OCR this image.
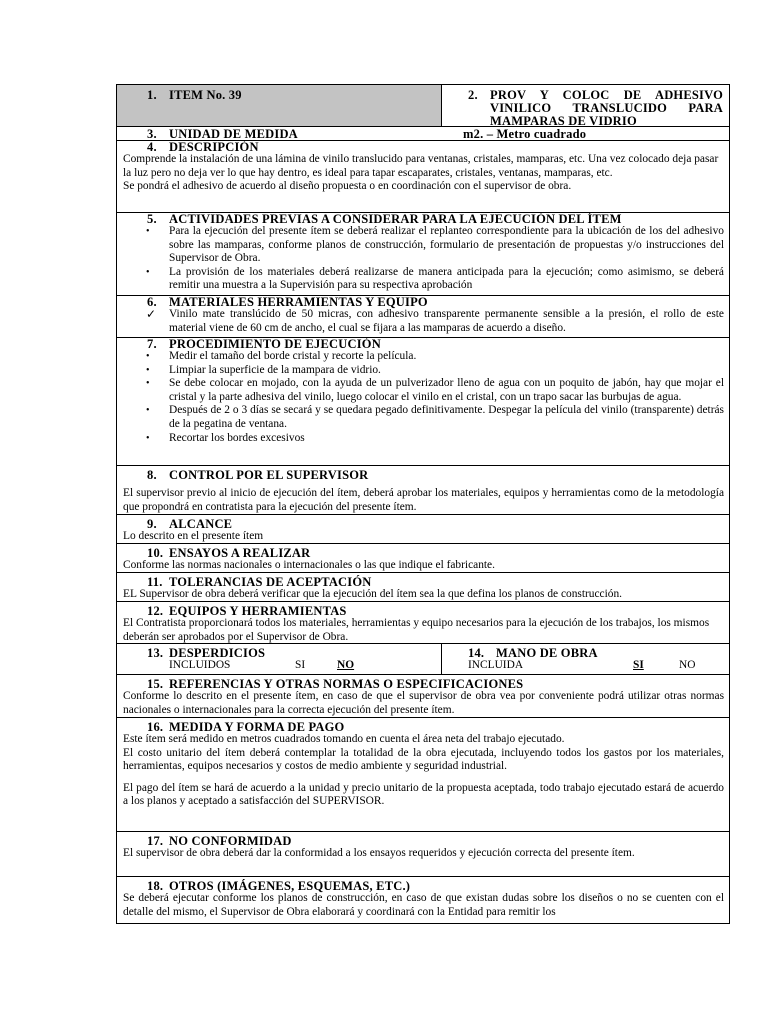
1. ITEM No. 39	2. PROV Y COLOC DE ADHESIVO VINILICO TRANSLUCIDO PARA MAMPARAS DE VIDRIO
3. UNIDAD DE MEDIDA	m2. – Metro cuadrado
4. DESCRIPCIÓN
Comprende la instalación de una lámina de vinilo translucido para ventanas, cristales, mamparas, etc. Una vez colocado deja pasar la luz pero no deja ver lo que hay dentro, es ideal para tapar escaparates, cristales, ventanas, mamparas, etc.
Se pondrá el adhesivo de acuerdo al diseño propuesta o en coordinación con el supervisor de obra.
5. ACTIVIDADES PREVIAS A CONSIDERAR PARA LA EJECUCIÓN DEL ÍTEM
• Para la ejecución del presente ítem se deberá realizar el replanteo correspondiente para la ubicación de los del adhesivo sobre las mamparas, conforme planos de construcción, formulario de presentación de propuestas y/o instrucciones del Supervisor de Obra.
• La provisión de los materiales deberá realizarse de manera anticipada para la ejecución; como asimismo, se deberá remitir una muestra a la Supervisión para su respectiva aprobación
6. MATERIALES HERRAMIENTAS Y EQUIPO
✓ Vinilo mate translúcido de 50 micras, con adhesivo transparente permanente sensible a la presión, el rollo de este material viene de 60 cm de ancho, el cual se fijara a las mamparas de acuerdo a diseño.
7. PROCEDIMIENTO DE EJECUCIÓN
• Medir el tamaño del borde cristal y recorte la película.
• Limpiar la superficie de la mampara de vidrio.
• Se debe colocar en mojado, con la ayuda de un pulverizador lleno de agua con un poquito de jabón, hay que mojar el cristal y la parte adhesiva del vinilo, luego colocar el vinilo en el cristal, con un trapo sacar las burbujas de agua.
• Después de 2 o 3 días se secará y se quedara pegado definitivamente. Despegar la película del vinilo (transparente) detrás de la pegatina de ventana.
• Recortar los bordes excesivos
8. CONTROL POR EL SUPERVISOR
El supervisor previo al inicio de ejecución del ítem, deberá aprobar los materiales, equipos y herramientas como de la metodología que propondrá en contratista para la ejecución del presente ítem.
9. ALCANCE
Lo descrito en el presente ítem
10. ENSAYOS A REALIZAR
Conforme las normas nacionales o internacionales o las que indique el fabricante.
11. TOLERANCIAS DE ACEPTACIÓN
EL Supervisor de obra deberá verificar que la ejecución del ítem sea la que defina los planos de construcción.
12. EQUIPOS Y HERRAMIENTAS
El Contratista proporcionará todos los materiales, herramientas y equipo necesarios para la ejecución de los trabajos, los mismos deberán ser aprobados por el Supervisor de Obra.
13. DESPERDICIOS
INCLUIDOS	SI	NO
14. MANO DE OBRA
INCLUIDA	SI	NO
15. REFERENCIAS Y OTRAS NORMAS O ESPECIFICACIONES
Conforme lo descrito en el presente ítem, en caso de que el supervisor de obra vea por conveniente podrá utilizar otras normas nacionales o internacionales para la correcta ejecución del presente ítem.
16. MEDIDA Y FORMA DE PAGO
Este ítem será medido en metros cuadrados tomando en cuenta el área neta del trabajo ejecutado.
El costo unitario del ítem deberá contemplar la totalidad de la obra ejecutada, incluyendo todos los gastos por los materiales, herramientas, equipos necesarios y costos de medio ambiente y seguridad industrial.
El pago del ítem se hará de acuerdo a la unidad y precio unitario de la propuesta aceptada, todo trabajo ejecutado estará de acuerdo a los planos y aceptado a satisfacción del SUPERVISOR.
17. NO CONFORMIDAD
El supervisor de obra deberá dar la conformidad a los ensayos requeridos y ejecución correcta del presente ítem.
18. OTROS (IMÁGENES, ESQUEMAS, ETC.)
Se deberá ejecutar conforme los planos de construcción, en caso de que existan dudas sobre los diseños o no se cuenten con el detalle del mismo, el Supervisor de Obra elaborará y coordinará con la Entidad para remitir los
